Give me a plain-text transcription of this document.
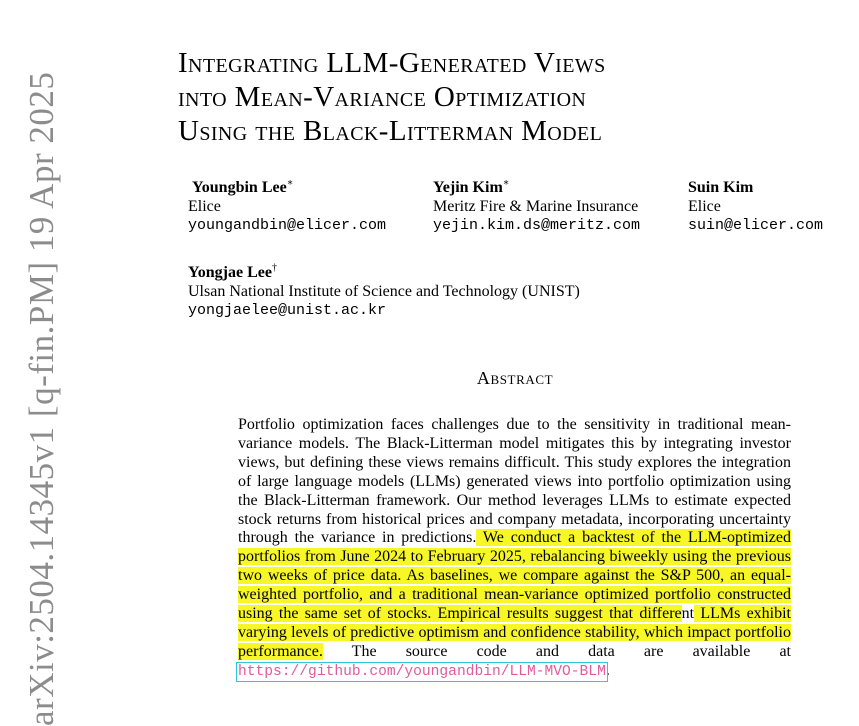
arXiv:2504.14345v1 [q-fin.PM] 19 Apr 2025
Integrating LLM-Generated Views
into Mean-Variance Optimization
Using the Black-Litterman Model
Youngbin Lee∗
Elice
youngandbin@elicer.com
Yejin Kim∗
Meritz Fire & Marine Insurance
yejin.kim.ds@meritz.com
Suin Kim
Elice
suin@elicer.com
Yongjae Lee†
Ulsan National Institute of Science and Technology (UNIST)
yongjaelee@unist.ac.kr
Abstract
Portfolio optimization faces challenges due to the sensitivity in traditional mean-variance models. The Black-Litterman model mitigates this by integrating investor views, but defining these views remains difficult. This study explores the integration of large language models (LLMs) generated views into portfolio optimization using the Black-Litterman framework. Our method leverages LLMs to estimate expected stock returns from historical prices and company metadata, incorporating uncertainty through the variance in predictions. We conduct a backtest of the LLM-optimized portfolios from June 2024 to February 2025, rebalancing biweekly using the previous two weeks of price data. As baselines, we compare against the S&P 500, an equal-weighted portfolio, and a traditional mean-variance optimized portfolio constructed using the same set of stocks. Empirical results suggest that different LLMs exhibit varying levels of predictive optimism and confidence stability, which impact portfolio performance. The source code and data are available at https://github.com/youngandbin/LLM-MVO-BLM.
